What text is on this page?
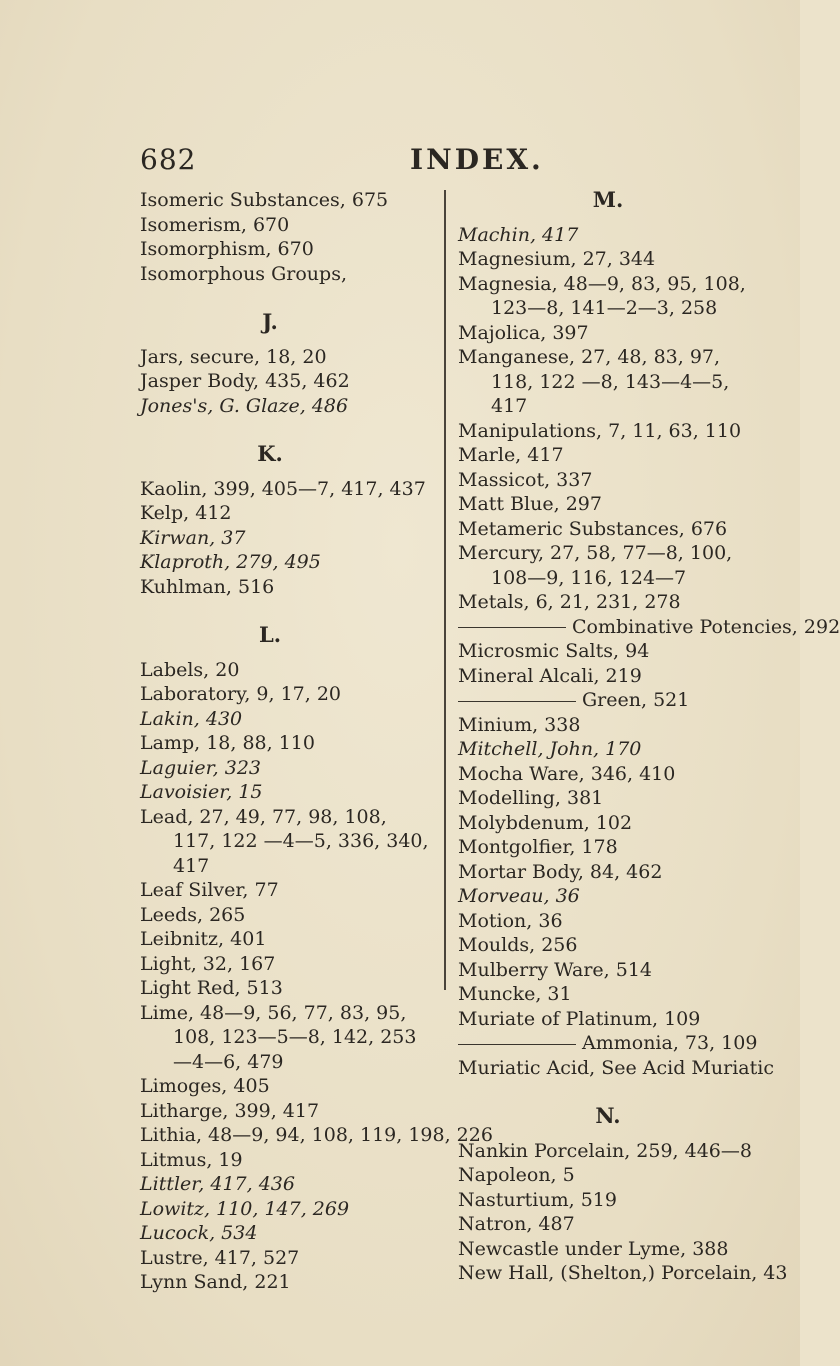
682	INDEX.
Isomeric Substances, 675
Isomerism, 670
Isomorphism, 670
Isomorphous Groups,
J.
Jars, secure, 18, 20
Jasper Body, 435, 462
Jones's, G. Glaze, 486
K.
Kaolin, 399, 405—7, 417, 437
Kelp, 412
Kirwan, 37
Klaproth, 279, 495
Kuhlman, 516
L.
Labels, 20
Laboratory, 9, 17, 20
Lakin, 430
Lamp, 18, 88, 110
Laguier, 323
Lavoisier, 15
Lead, 27, 49, 77, 98, 108, 117, 122 —4—5, 336, 340, 417
Leaf Silver, 77
Leeds, 265
Leibnitz, 401
Light, 32, 167
Light Red, 513
Lime, 48—9, 56, 77, 83, 95, 108, 123—5—8, 142, 253—4—6, 479
Limoges, 405
Litharge, 399, 417
Lithia, 48—9, 94, 108, 119, 198, 226
Litmus, 19
Littler, 417, 436
Lowitz, 110, 147, 269
Lucock, 534
Lustre, 417, 527
Lynn Sand, 221
M.
Machin, 417
Magnesium, 27, 344
Magnesia, 48—9, 83, 95, 108, 123—8, 141—2—3, 258
Majolica, 397
Manganese, 27, 48, 83, 97, 118, 122 —8, 143—4—5, 417
Manipulations, 7, 11, 63, 110
Marle, 417
Massicot, 337
Matt Blue, 297
Metameric Substances, 676
Mercury, 27, 58, 77—8, 100, 108—9, 116, 124—7
Metals, 6, 21, 231, 278
Combinative Potencies, 292
Microsmic Salts, 94
Mineral Alcali, 219
Green, 521
Minium, 338
Mitchell, John, 170
Mocha Ware, 346, 410
Modelling, 381
Molybdenum, 102
Montgolfier, 178
Mortar Body, 84, 462
Morveau, 36
Motion, 36
Moulds, 256
Mulberry Ware, 514
Muncke, 31
Muriate of Platinum, 109
Ammonia, 73, 109
Muriatic Acid, See Acid Muriatic
N.
Nankin Porcelain, 259, 446—8
Napoleon, 5
Nasturtium, 519
Natron, 487
Newcastle under Lyme, 388
New Hall, (Shelton,) Porcelain, 43
